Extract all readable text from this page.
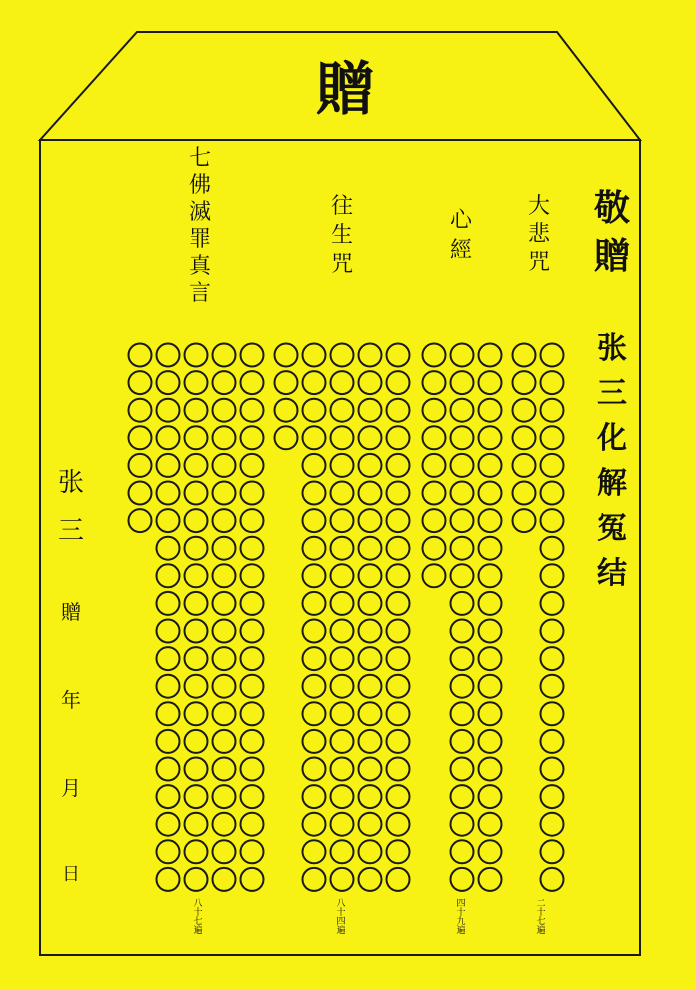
贈
敬
贈
张
三
化
解
冤
结
七
佛
滅
罪
真
言
往
生
咒
心
經
大
悲
咒
张
三
贈
年
月
日
八
十
七
遍
八
十
四
遍
四
十
九
遍
二
十
七
遍
